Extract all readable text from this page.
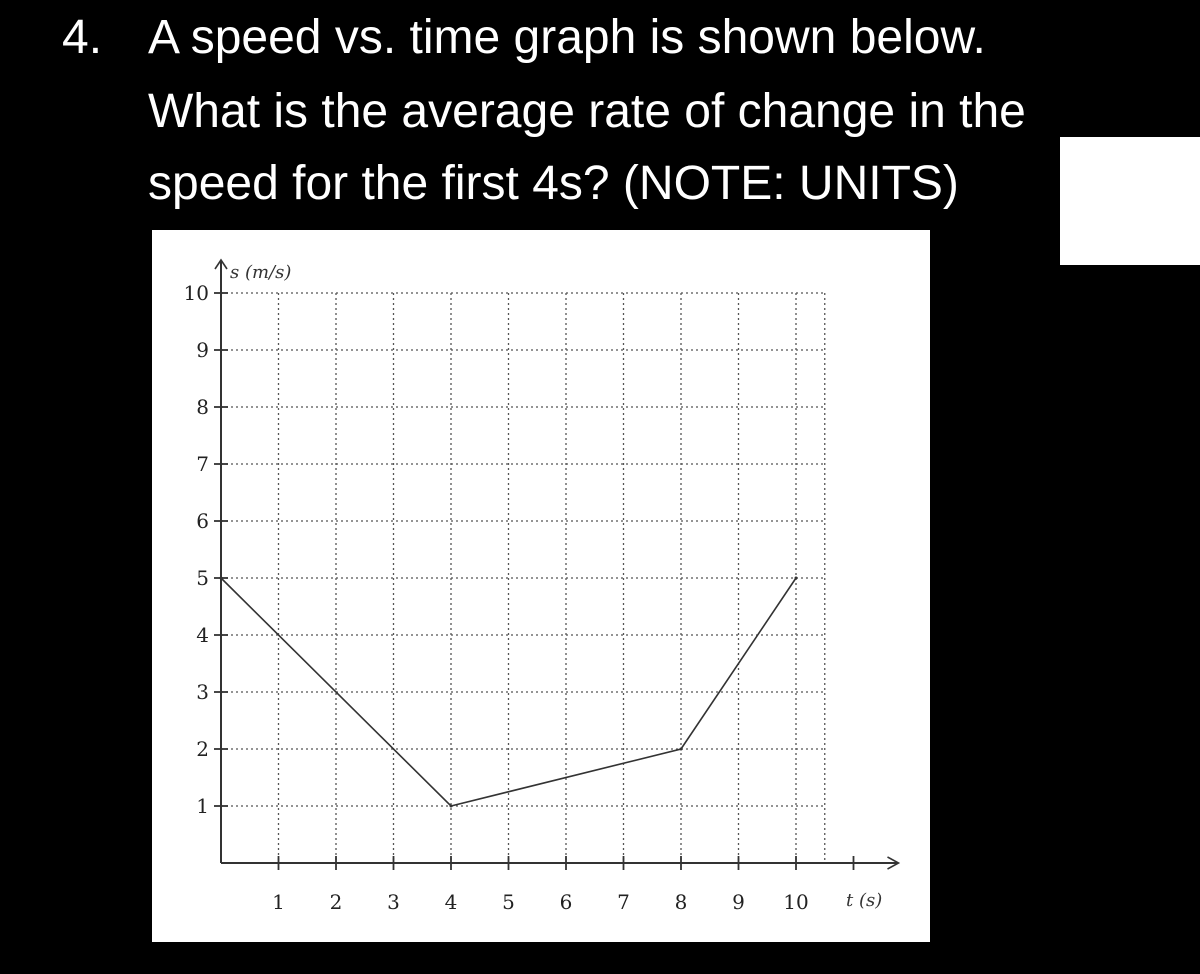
4. A speed vs. time graph is shown below.
What is the average rate of change in the
speed for the first 4s? (NOTE: UNITS)
1
2
3
4
5
6
7
8
9
10
1 2 3 4 5 6 7 8 9 10
s (m/s)
t (s)
